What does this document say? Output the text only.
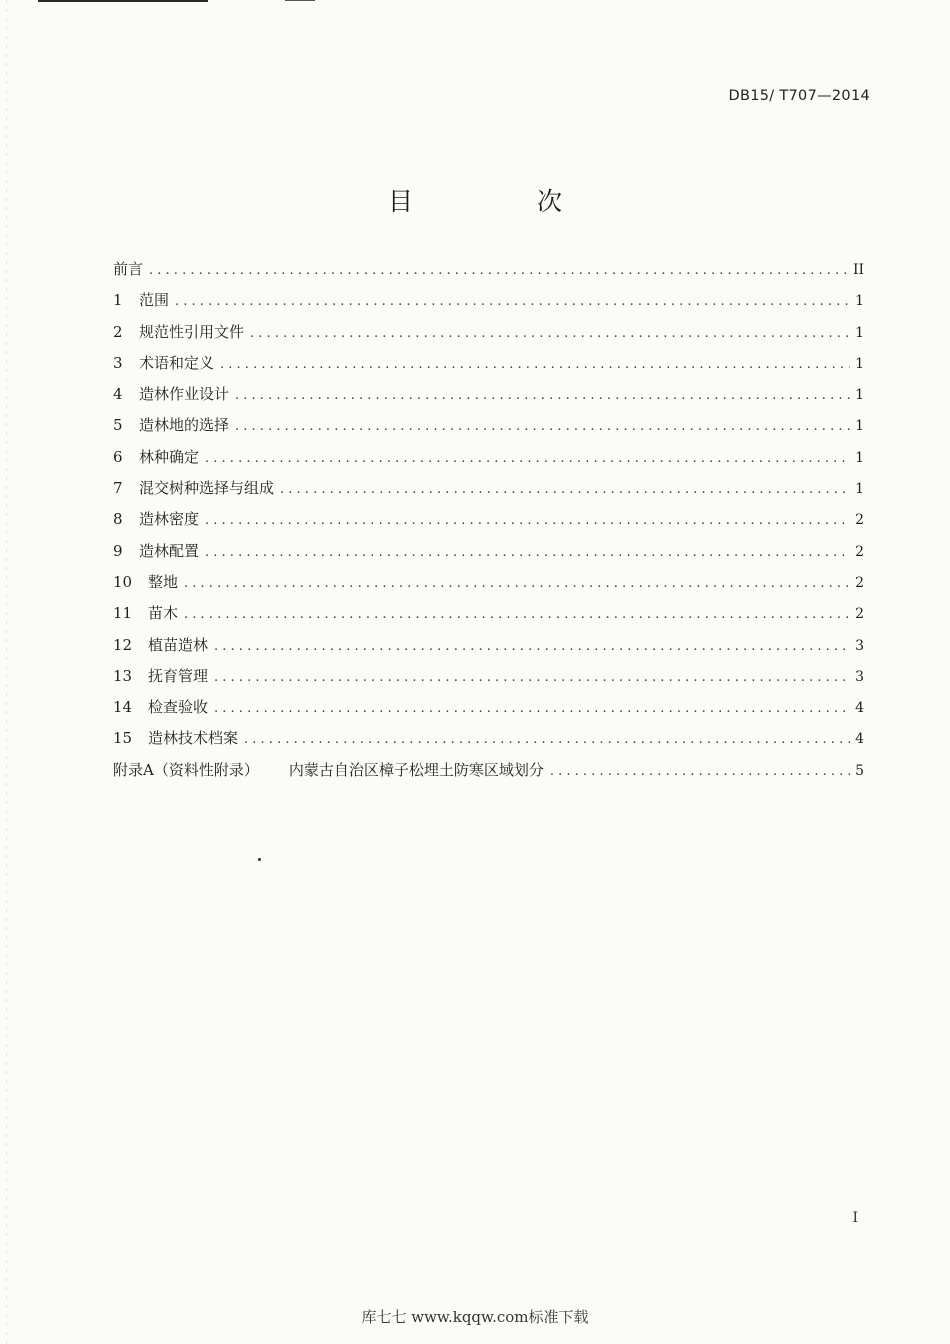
DB15/ T707—2014
目 次
前言 . . .	II
1	范围 . . .	1
2	规范性引用文件 . . .	1
3	术语和定义 . . .	1
4	造林作业设计 . . .	1
5	造林地的选择 . . .	1
6	林种确定 . . .	1
7	混交树种选择与组成 . . .	1
8	造林密度 . . .	2
9	造林配置 . . .	2
10	整地 . . .	2
11	苗木 . . .	2
12	植苗造林 . . .	3
13	抚育管理 . . .	3
14	检查验收 . . .	4
15	造林技术档案 . . .	4
附录A（资料性附录） 内蒙古自治区樟子松埋土防寒区域划分 . . .	5
I
库七七 www.kqqw.com标准下载
